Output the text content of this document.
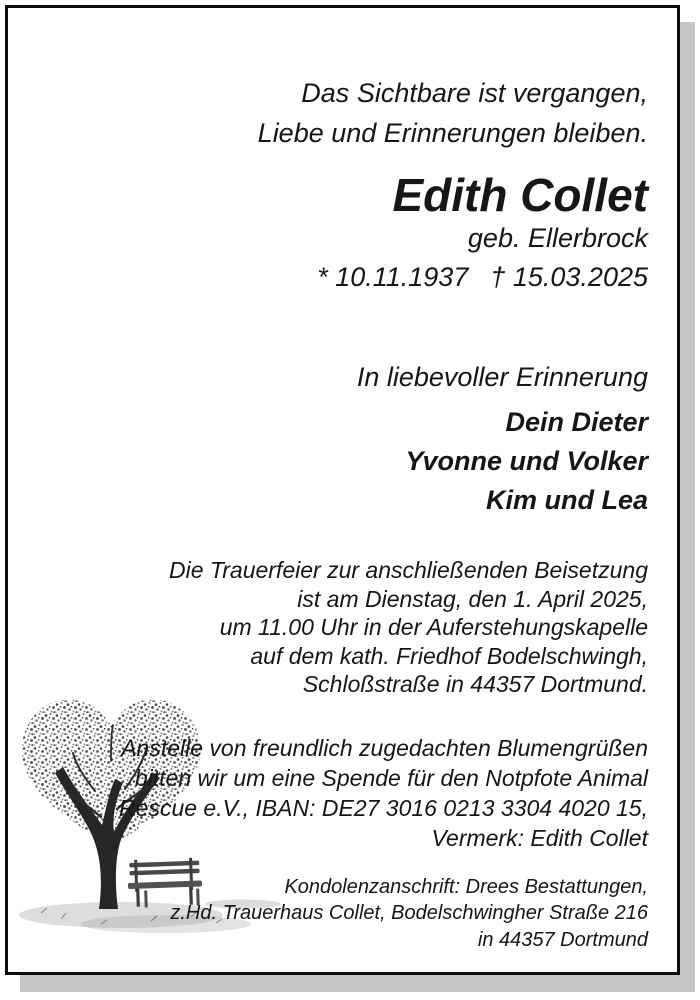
Das Sichtbare ist vergangen,
Liebe und Erinnerungen bleiben.
Edith Collet
geb. Ellerbrock
* 10.11.1937 † 15.03.2025
In liebevoller Erinnerung
Dein Dieter
Yvonne und Volker
Kim und Lea
Die Trauerfeier zur anschließenden Beisetzung
ist am Dienstag, den 1. April 2025,
um 11.00 Uhr in der Auferstehungskapelle
auf dem kath. Friedhof Bodelschwingh,
Schloßstraße in 44357 Dortmund.
Anstelle von freundlich zugedachten Blumengrüßen
bitten wir um eine Spende für den Notpfote Animal
Rescue e.V., IBAN: DE27 3016 0213 3304 4020 15,
Vermerk: Edith Collet
Kondolenzanschrift: Drees Bestattungen,
z.Hd. Trauerhaus Collet, Bodelschwingher Straße 216
in 44357 Dortmund
